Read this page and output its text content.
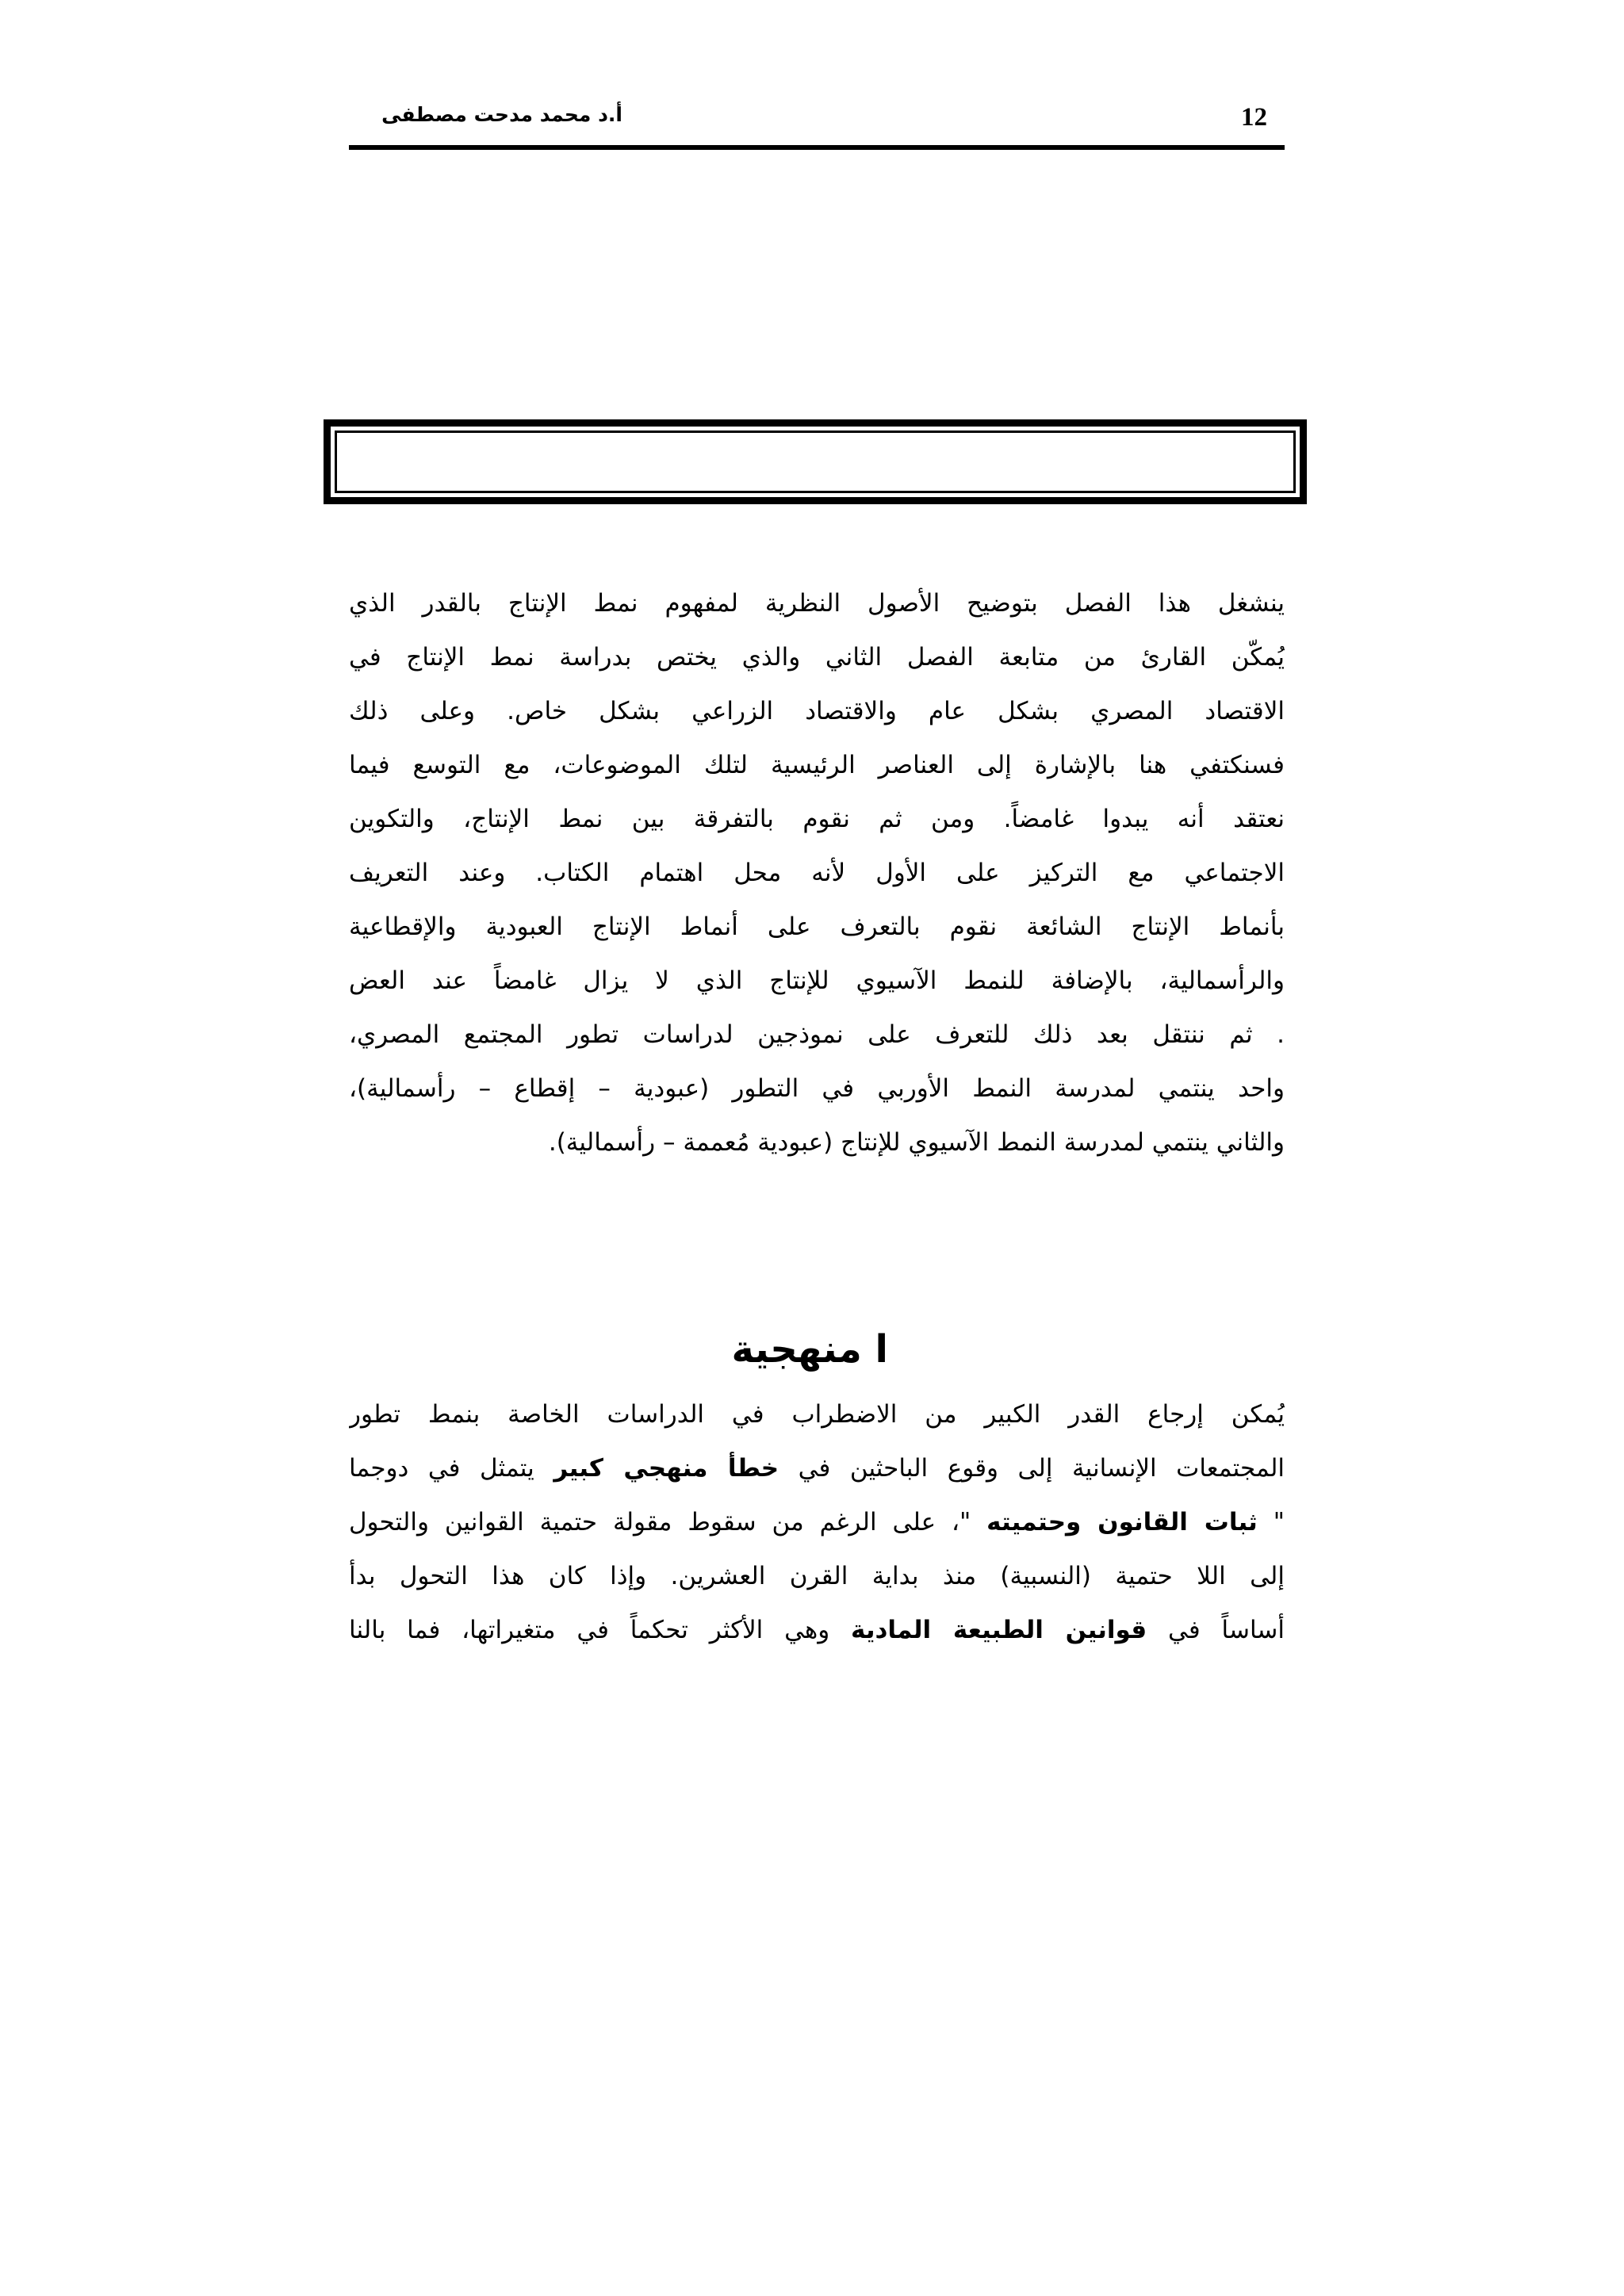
12
أ.د محمد مدحت مصطفى
ينشغل هذا الفصل بتوضيح الأصول النظرية لمفهوم نمط الإنتاج بالقدر الذي
يُمكّن القارئ من متابعة الفصل الثاني والذي يختص بدراسة نمط الإنتاج في
الاقتصاد المصري بشكل عام والاقتصاد الزراعي بشكل خاص. وعلى ذلك
فسنكتفي هنا بالإشارة إلى العناصر الرئيسية لتلك الموضوعات، مع التوسع فيما
نعتقد أنه يبدوا غامضاً. ومن ثم نقوم بالتفرقة بين نمط الإنتاج، والتكوين
الاجتماعي مع التركيز على الأول لأنه محل اهتمام الكتاب. وعند التعريف
بأنماط الإنتاج الشائعة نقوم بالتعرف على أنماط الإنتاج العبودية والإقطاعية
والرأسمالية، بالإضافة للنمط الآسيوي للإنتاج الذي لا يزال غامضاً عند العض
. ثم ننتقل بعد ذلك للتعرف على نموذجين لدراسات تطور المجتمع المصري،
واحد ينتمي لمدرسة النمط الأوربي في التطور (عبودية – إقطاع – رأسمالية)،
والثاني ينتمي لمدرسة النمط الآسيوي للإنتاج (عبودية مُعممة – رأسمالية).
ا منهجية
يُمكن إرجاع القدر الكبير من الاضطراب في الدراسات الخاصة بنمط تطور
المجتمعات الإنسانية إلى وقوع الباحثين في خطأ منهجي كبير يتمثل في دوجما
" ثبات القانون وحتميته "، على الرغم من سقوط مقولة حتمية القوانين والتحول
إلى اللا حتمية (النسبية) منذ بداية القرن العشرين. وإذا كان هذا التحول بدأ
أساساً في قوانين الطبيعة المادية وهي الأكثر تحكماً في متغيراتها، فما بالنا
